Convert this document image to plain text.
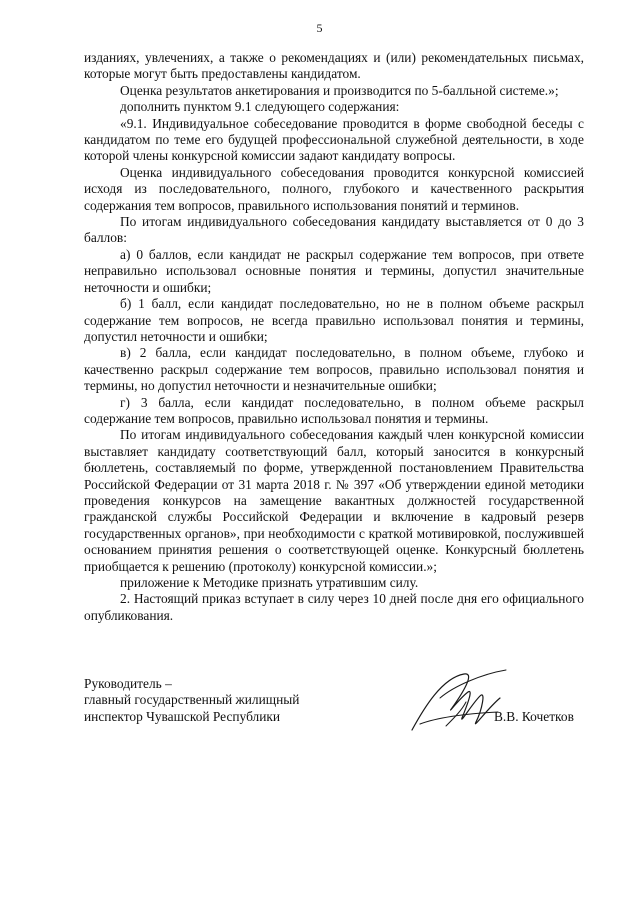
5

изданиях, увлечениях, а также о рекомендациях и (или) рекомендательных письмах, которые могут быть предоставлены кандидатом.

Оценка результатов анкетирования и производится по 5-балльной системе.»;

дополнить пунктом 9.1 следующего содержания:

«9.1. Индивидуальное собеседование проводится в форме свободной беседы с кандидатом по теме его будущей профессиональной служебной деятельности, в ходе которой члены конкурсной комиссии задают кандидату вопросы.

Оценка индивидуального собеседования проводится конкурсной комиссией исходя из последовательного, полного, глубокого и качественного раскрытия содержания тем вопросов, правильного использования понятий и терминов.

По итогам индивидуального собеседования кандидату выставляется от 0 до 3 баллов:

а) 0 баллов, если кандидат не раскрыл содержание тем вопросов, при ответе неправильно использовал основные понятия и термины, допустил значительные неточности и ошибки;

б) 1 балл, если кандидат последовательно, но не в полном объеме раскрыл содержание тем вопросов, не всегда правильно использовал понятия и термины, допустил неточности и ошибки;

в) 2 балла, если кандидат последовательно, в полном объеме, глубоко и качественно раскрыл содержание тем вопросов, правильно использовал понятия и термины, но допустил неточности и незначительные ошибки;

г) 3 балла, если кандидат последовательно, в полном объеме раскрыл содержание тем вопросов, правильно использовал понятия и термины.

По итогам индивидуального собеседования каждый член конкурсной комиссии выставляет кандидату соответствующий балл, который заносится в конкурсный бюллетень, составляемый по форме, утвержденной постановлением Правительства Российской Федерации от 31 марта 2018 г. № 397 «Об утверждении единой методики проведения конкурсов на замещение вакантных должностей государственной гражданской службы Российской Федерации и включение в кадровый резерв государственных органов», при необходимости с краткой мотивировкой, послужившей основанием принятия решения о соответствующей оценке. Конкурсный бюллетень приобщается к решению (протоколу) конкурсной комиссии.»;

приложение к Методике признать утратившим силу.

2. Настоящий приказ вступает в силу через 10 дней после дня его официального опубликования.

Руководитель –
главный государственный жилищный
инспектор Чувашской Республики	В.В. Кочетков
